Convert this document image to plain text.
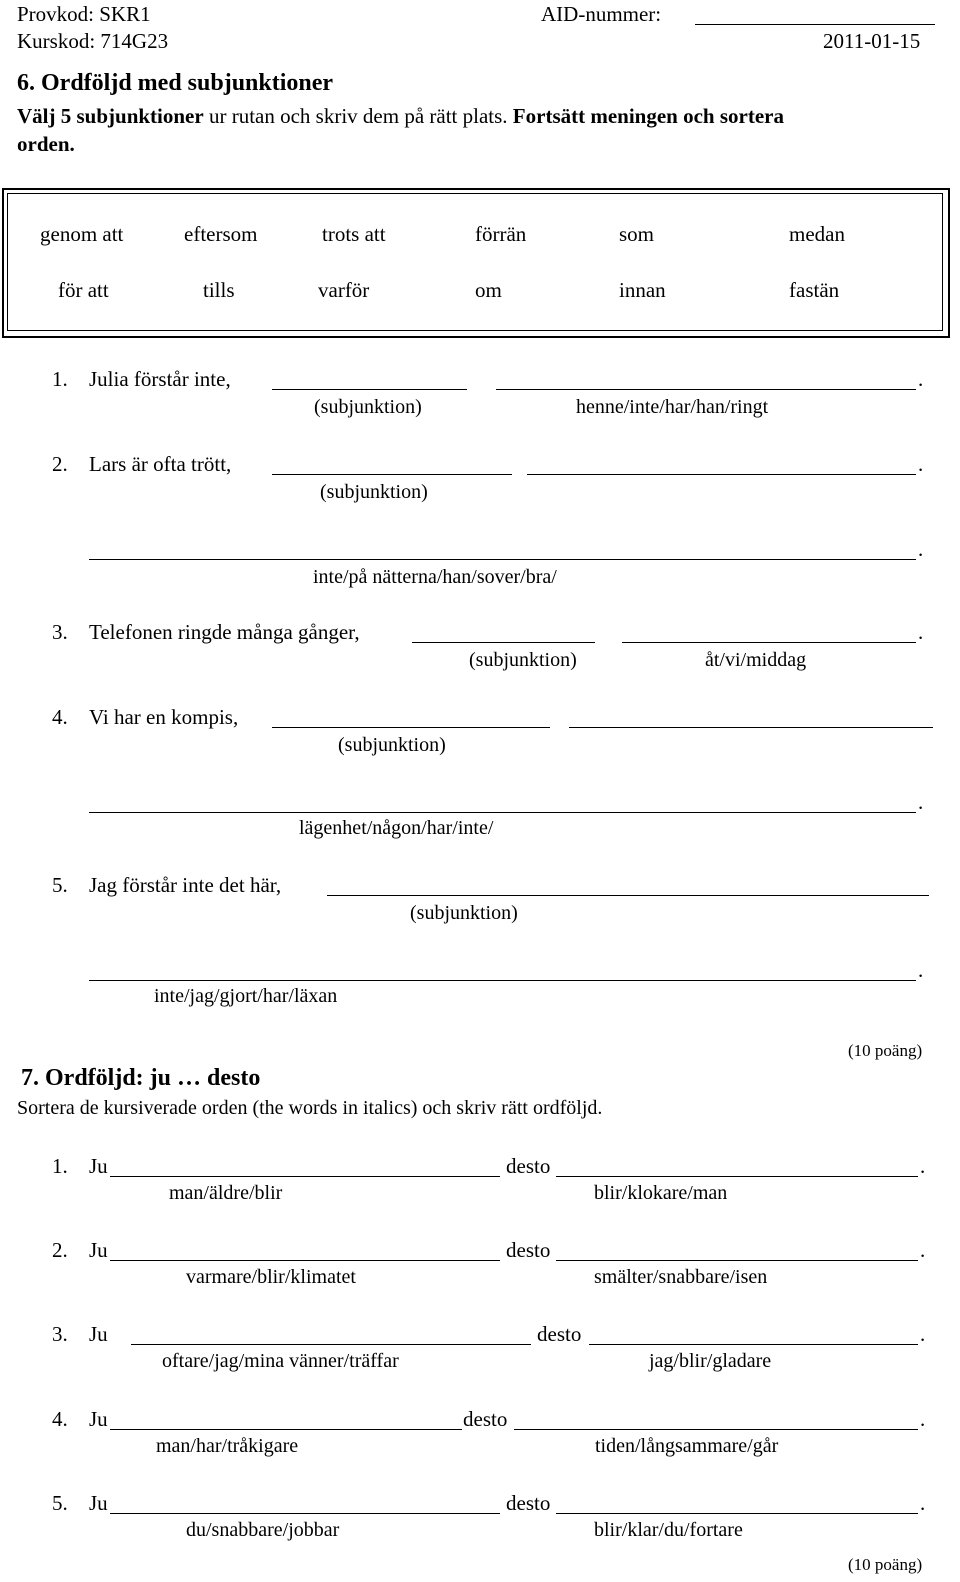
Provkod: SKR1	AID-nummer:
Kurskod: 714G23	2011-01-15
6. Ordföljd med subjunktioner
Välj 5 subjunktioner ur rutan och skriv dem på rätt plats. Fortsätt meningen och sortera
orden.
genom att	eftersom	trots att	förrän	som	medan
för att	tills	varför	om	innan	fastän
1. Julia förstår inte,	.
(subjunktion)	henne/inte/har/han/ringt
2. Lars är ofta trött,	.
(subjunktion)
.
inte/på nätterna/han/sover/bra/
3. Telefonen ringde många gånger,	.
(subjunktion)	åt/vi/middag
4. Vi har en kompis,
(subjunktion)
.
lägenhet/någon/har/inte/
5. Jag förstår inte det här,
(subjunktion)
.
inte/jag/gjort/har/läxan
(10 poäng)
7. Ordföljd: ju … desto
Sortera de kursiverade orden (the words in italics) och skriv rätt ordföljd.
1. Ju	desto	.
man/äldre/blir	blir/klokare/man
2. Ju	desto	.
varmare/blir/klimatet	smälter/snabbare/isen
3. Ju	desto	.
oftare/jag/mina vänner/träffar	jag/blir/gladare
4. Ju	desto	.
man/har/tråkigare	tiden/långsammare/går
5. Ju	desto	.
du/snabbare/jobbar	blir/klar/du/fortare
(10 poäng)
